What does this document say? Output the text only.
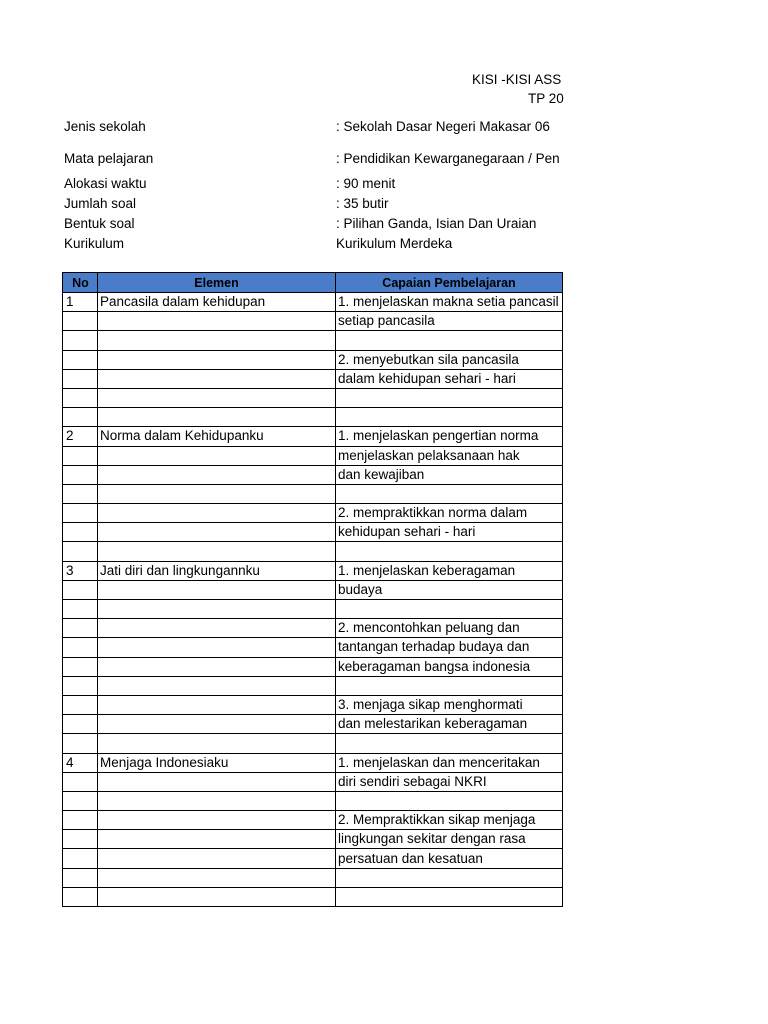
KISI -KISI ASS
TP 20
Jenis sekolah	: Sekolah Dasar Negeri Makasar 06
Mata pelajaran	: Pendidikan Kewarganegaraan / Pen
Alokasi waktu	: 90 menit
Jumlah soal	: 35 butir
Bentuk soal	: Pilihan Ganda, Isian Dan Uraian
Kurikulum	Kurikulum Merdeka
No	Elemen	Capaian Pembelajaran
1	Pancasila dalam kehidupan	1. menjelaskan makna setia pancasil
		setiap pancasila

		2. menyebutkan sila pancasila
		dalam kehidupan sehari - hari

2	Norma dalam Kehidupanku	1. menjelaskan pengertian norma
		menjelaskan pelaksanaan hak
		dan kewajiban

		2. mempraktikkan norma dalam
		kehidupan sehari - hari

3	Jati diri dan lingkungannku	1. menjelaskan keberagaman
		budaya

		2. mencontohkan peluang dan
		tantangan terhadap budaya dan
		keberagaman bangsa indonesia

		3. menjaga sikap menghormati
		dan melestarikan keberagaman

4	Menjaga Indonesiaku	1. menjelaskan dan menceritakan
		diri sendiri sebagai NKRI

		2. Mempraktikkan sikap menjaga
		lingkungan sekitar dengan rasa
		persatuan dan kesatuan
